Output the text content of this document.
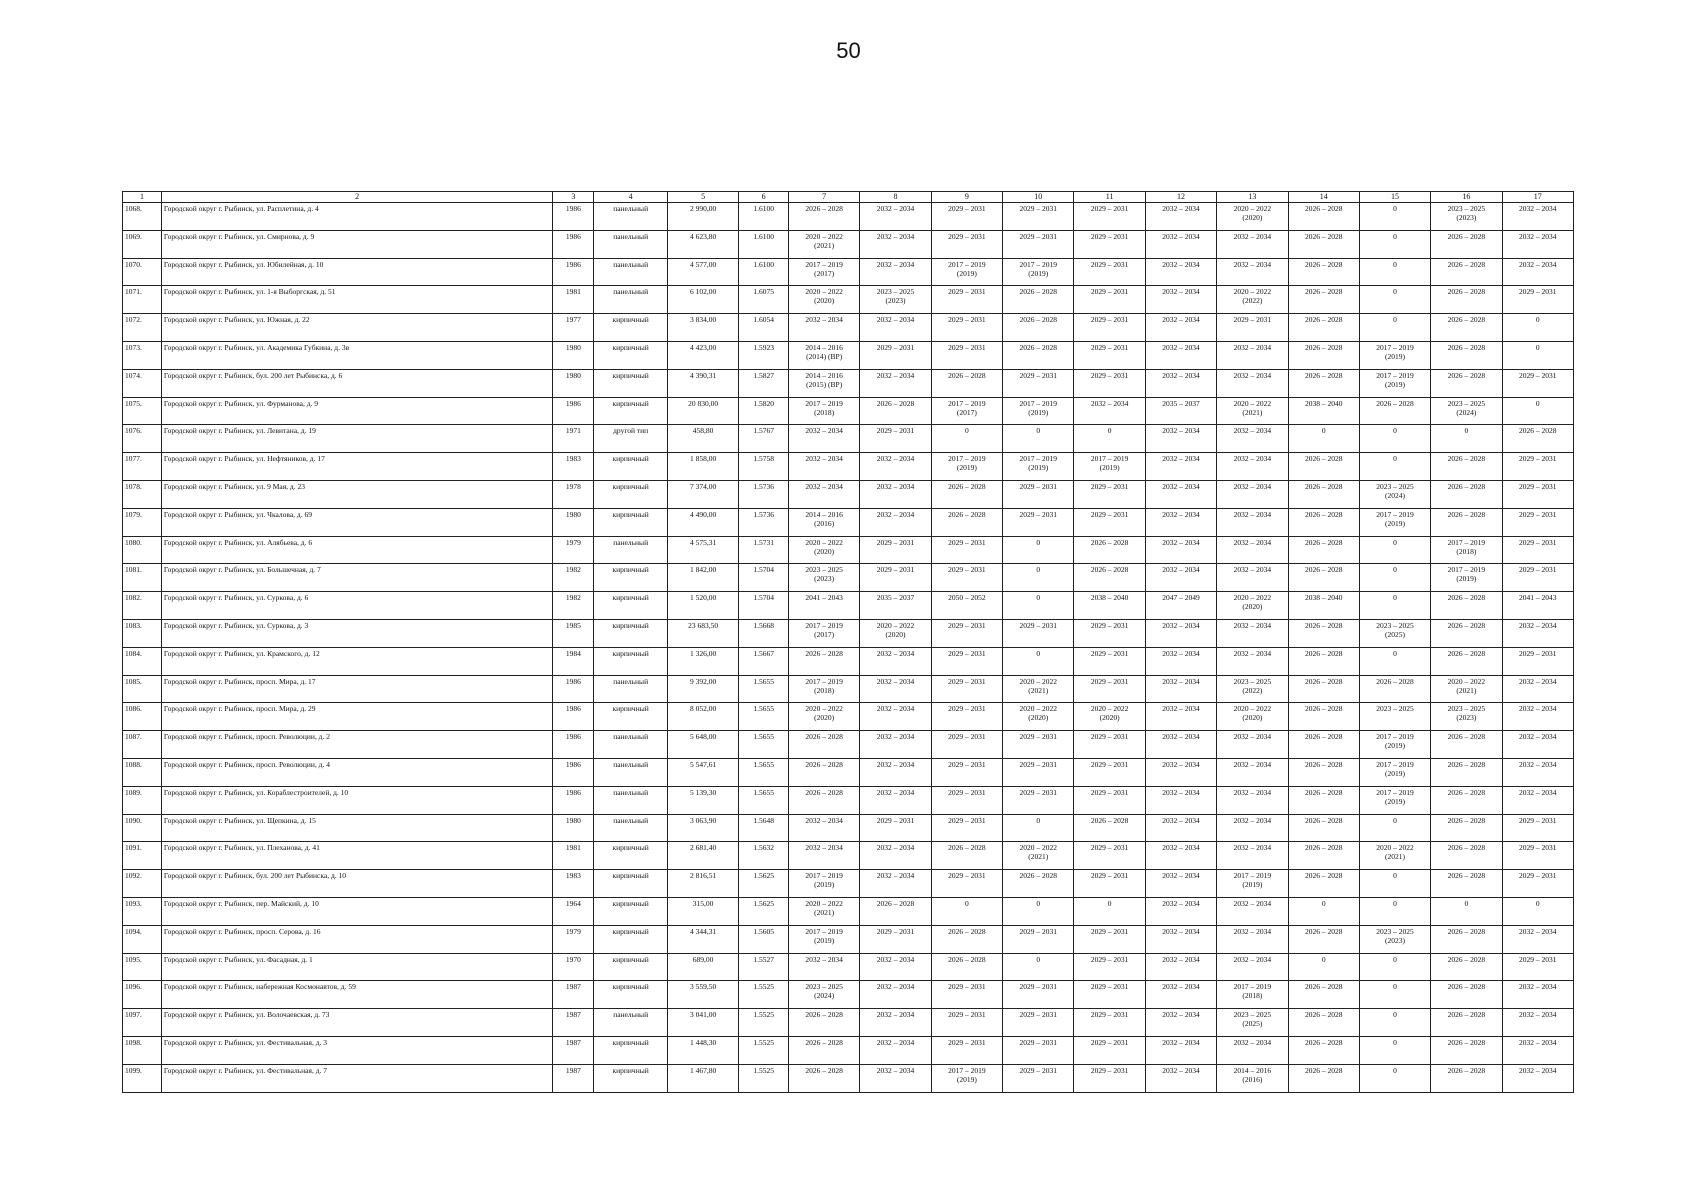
50
1	2	3	4	5	6	7	8	9	10	11	12	13	14	15	16	17
1068.	Городской округ г. Рыбинск, ул. Расплетина, д. 4	1986	панельный	2 990,00	1.6100	2026 – 2028	2032 – 2034	2029 – 2031	2029 – 2031	2029 – 2031	2032 – 2034	2020 – 2022
(2020)	2026 – 2028	0	2023 – 2025
(2023)	2032 – 2034
1069.	Городской округ г. Рыбинск, ул. Смирнова, д. 9	1986	панельный	4 623,80	1.6100	2020 – 2022
(2021)	2032 – 2034	2029 – 2031	2029 – 2031	2029 – 2031	2032 – 2034	2032 – 2034	2026 – 2028	0	2026 – 2028	2032 – 2034
1070.	Городской округ г. Рыбинск, ул. Юбилейная, д. 10	1986	панельный	4 577,00	1.6100	2017 – 2019
(2017)	2032 – 2034	2017 – 2019
(2019)	2017 – 2019
(2019)	2029 – 2031	2032 – 2034	2032 – 2034	2026 – 2028	0	2026 – 2028	2032 – 2034
1071.	Городской округ г. Рыбинск, ул. 1-я Выборгская, д. 51	1981	панельный	6 102,00	1.6075	2020 – 2022
(2020)	2023 – 2025
(2023)	2029 – 2031	2026 – 2028	2029 – 2031	2032 – 2034	2020 – 2022
(2022)	2026 – 2028	0	2026 – 2028	2029 – 2031
1072.	Городской округ г. Рыбинск, ул. Южная, д. 22	1977	кирпичный	3 834,00	1.6054	2032 – 2034	2032 – 2034	2029 – 2031	2026 – 2028	2029 – 2031	2032 – 2034	2029 – 2031	2026 – 2028	0	2026 – 2028	0
1073.	Городской округ г. Рыбинск, ул. Академика Губкина, д. 3в	1980	кирпичный	4 423,00	1.5923	2014 – 2016
(2014) (ВР)	2029 – 2031	2029 – 2031	2026 – 2028	2029 – 2031	2032 – 2034	2032 – 2034	2026 – 2028	2017 – 2019
(2019)	2026 – 2028	0
1074.	Городской округ г. Рыбинск, бул. 200 лет Рыбинска, д. 6	1980	кирпичный	4 390,31	1.5827	2014 – 2016
(2015) (ВР)	2032 – 2034	2026 – 2028	2029 – 2031	2029 – 2031	2032 – 2034	2032 – 2034	2026 – 2028	2017 – 2019
(2019)	2026 – 2028	2029 – 2031
1075.	Городской округ г. Рыбинск, ул. Фурманова, д. 9	1986	кирпичный	20 830,00	1.5820	2017 – 2019
(2018)	2026 – 2028	2017 – 2019
(2017)	2017 – 2019
(2019)	2032 – 2034	2035 – 2037	2020 – 2022
(2021)	2038 – 2040	2026 – 2028	2023 – 2025
(2024)	0
1076.	Городской округ г. Рыбинск, ул. Левитана, д. 19	1971	другой тип	458,80	1.5767	2032 – 2034	2029 – 2031	0	0	0	2032 – 2034	2032 – 2034	0	0	0	2026 – 2028
1077.	Городской округ г. Рыбинск, ул. Нефтяников, д. 17	1983	кирпичный	1 858,00	1.5758	2032 – 2034	2032 – 2034	2017 – 2019
(2019)	2017 – 2019
(2019)	2017 – 2019
(2019)	2032 – 2034	2032 – 2034	2026 – 2028	0	2026 – 2028	2029 – 2031
1078.	Городской округ г. Рыбинск, ул. 9 Мая, д. 23	1978	кирпичный	7 374,00	1.5736	2032 – 2034	2032 – 2034	2026 – 2028	2029 – 2031	2029 – 2031	2032 – 2034	2032 – 2034	2026 – 2028	2023 – 2025
(2024)	2026 – 2028	2029 – 2031
1079.	Городской округ г. Рыбинск, ул. Чкалова, д. 69	1980	кирпичный	4 490,00	1.5736	2014 – 2016
(2016)	2032 – 2034	2026 – 2028	2029 – 2031	2029 – 2031	2032 – 2034	2032 – 2034	2026 – 2028	2017 – 2019
(2019)	2026 – 2028	2029 – 2031
1080.	Городской округ г. Рыбинск, ул. Алябьева, д. 6	1979	панельный	4 575,31	1.5731	2020 – 2022
(2020)	2029 – 2031	2029 – 2031	0	2026 – 2028	2032 – 2034	2032 – 2034	2026 – 2028	0	2017 – 2019
(2018)	2029 – 2031
1081.	Городской округ г. Рыбинск, ул. Большечная, д. 7	1982	кирпичный	1 842,00	1.5704	2023 – 2025
(2023)	2029 – 2031	2029 – 2031	0	2026 – 2028	2032 – 2034	2032 – 2034	2026 – 2028	0	2017 – 2019
(2019)	2029 – 2031
1082.	Городской округ г. Рыбинск, ул. Суркова, д. 6	1982	кирпичный	1 520,00	1.5704	2041 – 2043	2035 – 2037	2050 – 2052	0	2038 – 2040	2047 – 2049	2020 – 2022
(2020)	2038 – 2040	0	2026 – 2028	2041 – 2043
1083.	Городской округ г. Рыбинск, ул. Суркова, д. 3	1985	кирпичный	23 683,50	1.5668	2017 – 2019
(2017)	2020 – 2022
(2020)	2029 – 2031	2029 – 2031	2029 – 2031	2032 – 2034	2032 – 2034	2026 – 2028	2023 – 2025
(2025)	2026 – 2028	2032 – 2034
1084.	Городской округ г. Рыбинск, ул. Крамского, д. 12	1984	кирпичный	1 326,00	1.5667	2026 – 2028	2032 – 2034	2029 – 2031	0	2029 – 2031	2032 – 2034	2032 – 2034	2026 – 2028	0	2026 – 2028	2029 – 2031
1085.	Городской округ г. Рыбинск, просп. Мира, д. 17	1986	панельный	9 392,00	1.5655	2017 – 2019
(2018)	2032 – 2034	2029 – 2031	2020 – 2022
(2021)	2029 – 2031	2032 – 2034	2023 – 2025
(2022)	2026 – 2028	2026 – 2028	2020 – 2022
(2021)	2032 – 2034
1086.	Городской округ г. Рыбинск, просп. Мира, д. 29	1986	кирпичный	8 052,00	1.5655	2020 – 2022
(2020)	2032 – 2034	2029 – 2031	2020 – 2022
(2020)	2020 – 2022
(2020)	2032 – 2034	2020 – 2022
(2020)	2026 – 2028	2023 – 2025	2023 – 2025
(2023)	2032 – 2034
1087.	Городской округ г. Рыбинск, просп. Революции, д. 2	1986	панельный	5 648,00	1.5655	2026 – 2028	2032 – 2034	2029 – 2031	2029 – 2031	2029 – 2031	2032 – 2034	2032 – 2034	2026 – 2028	2017 – 2019
(2019)	2026 – 2028	2032 – 2034
1088.	Городской округ г. Рыбинск, просп. Революции, д. 4	1986	панельный	5 547,61	1.5655	2026 – 2028	2032 – 2034	2029 – 2031	2029 – 2031	2029 – 2031	2032 – 2034	2032 – 2034	2026 – 2028	2017 – 2019
(2019)	2026 – 2028	2032 – 2034
1089.	Городской округ г. Рыбинск, ул. Кораблестроителей, д. 10	1986	панельный	5 139,30	1.5655	2026 – 2028	2032 – 2034	2029 – 2031	2029 – 2031	2029 – 2031	2032 – 2034	2032 – 2034	2026 – 2028	2017 – 2019
(2019)	2026 – 2028	2032 – 2034
1090.	Городской округ г. Рыбинск, ул. Щепкина, д. 15	1980	панельный	3 063,90	1.5648	2032 – 2034	2029 – 2031	2029 – 2031	0	2026 – 2028	2032 – 2034	2032 – 2034	2026 – 2028	0	2026 – 2028	2029 – 2031
1091.	Городской округ г. Рыбинск, ул. Плеханова, д. 41	1981	кирпичный	2 681,40	1.5632	2032 – 2034	2032 – 2034	2026 – 2028	2020 – 2022
(2021)	2029 – 2031	2032 – 2034	2032 – 2034	2026 – 2028	2020 – 2022
(2021)	2026 – 2028	2029 – 2031
1092.	Городской округ г. Рыбинск, бул. 200 лет Рыбинска, д. 10	1983	кирпичный	2 816,51	1.5625	2017 – 2019
(2019)	2032 – 2034	2029 – 2031	2026 – 2028	2029 – 2031	2032 – 2034	2017 – 2019
(2019)	2026 – 2028	0	2026 – 2028	2029 – 2031
1093.	Городской округ г. Рыбинск, пер. Майский, д. 10	1964	кирпичный	315,00	1.5625	2020 – 2022
(2021)	2026 – 2028	0	0	0	2032 – 2034	2032 – 2034	0	0	0	0
1094.	Городской округ г. Рыбинск, просп. Серова, д. 16	1979	кирпичный	4 344,31	1.5605	2017 – 2019
(2019)	2029 – 2031	2026 – 2028	2029 – 2031	2029 – 2031	2032 – 2034	2032 – 2034	2026 – 2028	2023 – 2025
(2023)	2026 – 2028	2032 – 2034
1095.	Городской округ г. Рыбинск, ул. Фасадная, д. 1	1970	кирпичный	689,00	1.5527	2032 – 2034	2032 – 2034	2026 – 2028	0	2029 – 2031	2032 – 2034	2032 – 2034	0	0	2026 – 2028	2029 – 2031
1096.	Городской округ г. Рыбинск, набережная Космонавтов, д. 59	1987	кирпичный	3 559,50	1.5525	2023 – 2025
(2024)	2032 – 2034	2029 – 2031	2029 – 2031	2029 – 2031	2032 – 2034	2017 – 2019
(2018)	2026 – 2028	0	2026 – 2028	2032 – 2034
1097.	Городской округ г. Рыбинск, ул. Волочаевская, д. 73	1987	панельный	3 041,00	1.5525	2026 – 2028	2032 – 2034	2029 – 2031	2029 – 2031	2029 – 2031	2032 – 2034	2023 – 2025
(2025)	2026 – 2028	0	2026 – 2028	2032 – 2034
1098.	Городской округ г. Рыбинск, ул. Фестивальная, д. 3	1987	кирпичный	1 448,30	1.5525	2026 – 2028	2032 – 2034	2029 – 2031	2029 – 2031	2029 – 2031	2032 – 2034	2032 – 2034	2026 – 2028	0	2026 – 2028	2032 – 2034
1099.	Городской округ г. Рыбинск, ул. Фестивальная, д. 7	1987	кирпичный	1 467,80	1.5525	2026 – 2028	2032 – 2034	2017 – 2019
(2019)	2029 – 2031	2029 – 2031	2032 – 2034	2014 – 2016
(2016)	2026 – 2028	0	2026 – 2028	2032 – 2034
